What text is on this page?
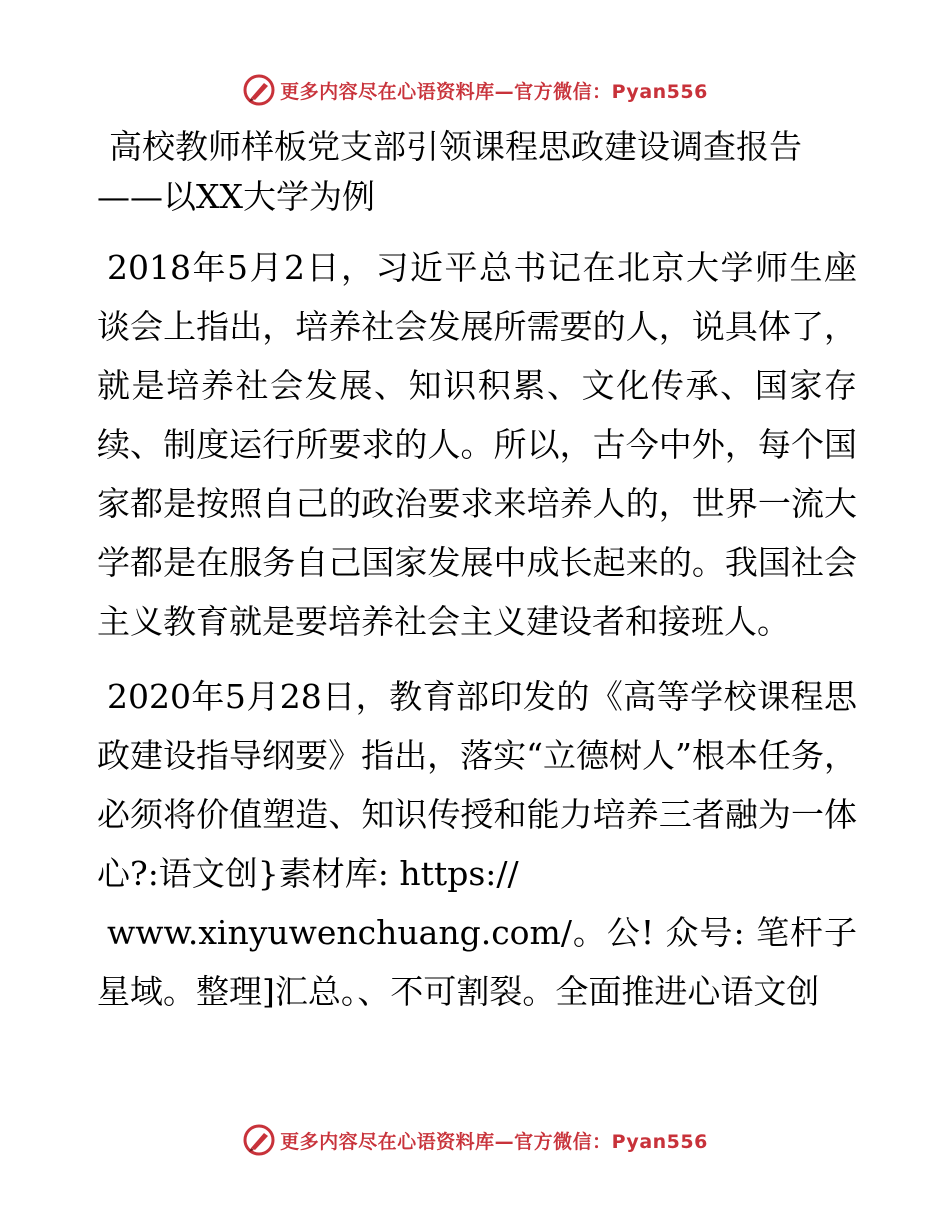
更多内容尽在心语资料库—官方微信：Pyan556
高校教师样板党支部引领课程思政建设调查报告
——以XX大学为例

2018年5月2日，习近平总书记在北京大学师生座谈会上指出，培养社会发展所需要的人，说具体了，就是培养社会发展、知识积累、文化传承、国家存续、制度运行所要求的人。所以，古今中外，每个国家都是按照自己的政治要求来培养人的，世界一流大学都是在服务自己国家发展中成长起来的。我国社会主义教育就是要培养社会主义建设者和接班人。

2020年5月28日，教育部印发的《高等学校课程思政建设指导纲要》指出，落实“立德树人”根本任务，必须将价值塑造、知识传授和能力培养三者融为一体心?:语文创}素材库: https://
www.xinyuwenchuang.com/。公! 众号: 笔杆子星域。整理]汇总。、不可割裂。全面推进心语文创

更多内容尽在心语资料库—官方微信：Pyan556
